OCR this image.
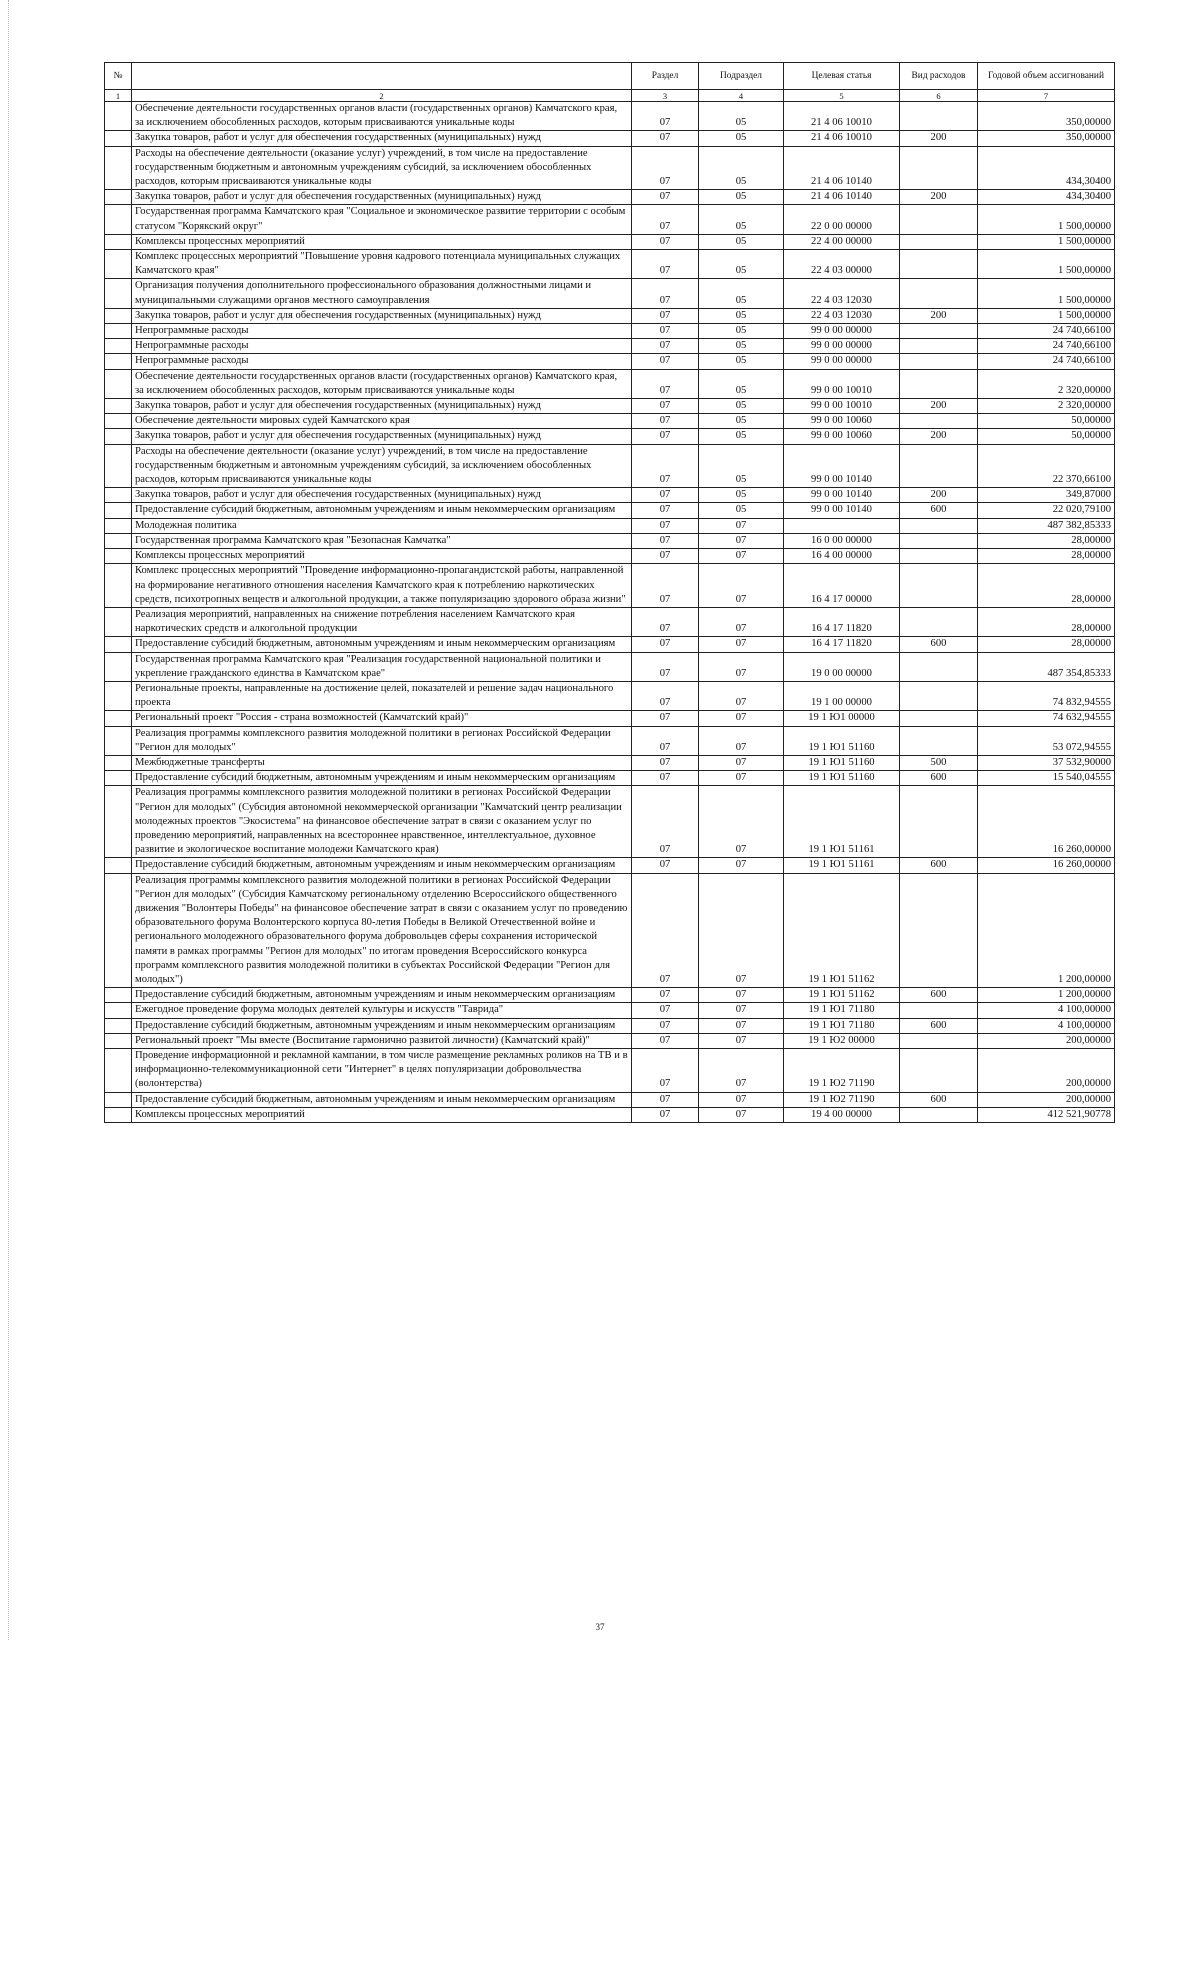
№		Раздел	Подраздел	Целевая статья	Вид расходов	Годовой объем ассигнований
1	2	3	4	5	6	7
	Обеспечение деятельности государственных органов власти (государственных органов) Камчатского края, за исключением обособленных расходов, которым присваиваются уникальные коды	07	05	21 4 06 10010		350,00000
	Закупка товаров, работ и услуг для обеспечения государственных (муниципальных) нужд	07	05	21 4 06 10010	200	350,00000
	Расходы на обеспечение деятельности (оказание услуг) учреждений, в том числе на предоставление государственным бюджетным и автономным учреждениям субсидий, за исключением обособленных расходов, которым присваиваются уникальные коды	07	05	21 4 06 10140		434,30400
	Закупка товаров, работ и услуг для обеспечения государственных (муниципальных) нужд	07	05	21 4 06 10140	200	434,30400
	Государственная программа Камчатского края "Социальное и экономическое развитие территории с особым статусом "Корякский округ"	07	05	22 0 00 00000		1 500,00000
	Комплексы процессных мероприятий	07	05	22 4 00 00000		1 500,00000
	Комплекс процессных мероприятий "Повышение уровня кадрового потенциала муниципальных служащих Камчатского края"	07	05	22 4 03 00000		1 500,00000
	Организация получения дополнительного профессионального образования должностными лицами и муниципальными служащими органов местного самоуправления	07	05	22 4 03 12030		1 500,00000
	Закупка товаров, работ и услуг для обеспечения государственных (муниципальных) нужд	07	05	22 4 03 12030	200	1 500,00000
	Непрограммные расходы	07	05	99 0 00 00000		24 740,66100
	Непрограммные расходы	07	05	99 0 00 00000		24 740,66100
	Непрограммные расходы	07	05	99 0 00 00000		24 740,66100
	Обеспечение деятельности государственных органов власти (государственных органов) Камчатского края, за исключением обособленных расходов, которым присваиваются уникальные коды	07	05	99 0 00 10010		2 320,00000
	Закупка товаров, работ и услуг для обеспечения государственных (муниципальных) нужд	07	05	99 0 00 10010	200	2 320,00000
	Обеспечение деятельности мировых судей Камчатского края	07	05	99 0 00 10060		50,00000
	Закупка товаров, работ и услуг для обеспечения государственных (муниципальных) нужд	07	05	99 0 00 10060	200	50,00000
	Расходы на обеспечение деятельности (оказание услуг) учреждений, в том числе на предоставление государственным бюджетным и автономным учреждениям субсидий, за исключением обособленных расходов, которым присваиваются уникальные коды	07	05	99 0 00 10140		22 370,66100
	Закупка товаров, работ и услуг для обеспечения государственных (муниципальных) нужд	07	05	99 0 00 10140	200	349,87000
	Предоставление субсидий бюджетным, автономным учреждениям и иным некоммерческим организациям	07	05	99 0 00 10140	600	22 020,79100
	Молодежная политика	07	07			487 382,85333
	Государственная программа Камчатского края "Безопасная Камчатка"	07	07	16 0 00 00000		28,00000
	Комплексы процессных мероприятий	07	07	16 4 00 00000		28,00000
	Комплекс процессных мероприятий "Проведение информационно-пропагандистской работы, направленной на формирование негативного отношения населения Камчатского края к потреблению наркотических средств, психотропных веществ и алкогольной продукции, а также популяризацию здорового образа жизни"	07	07	16 4 17 00000		28,00000
	Реализация мероприятий, направленных на снижение потребления населением Камчатского края наркотических средств и алкогольной продукции	07	07	16 4 17 11820		28,00000
	Предоставление субсидий бюджетным, автономным учреждениям и иным некоммерческим организациям	07	07	16 4 17 11820	600	28,00000
	Государственная программа Камчатского края "Реализация государственной национальной политики и укрепление гражданского единства в Камчатском крае"	07	07	19 0 00 00000		487 354,85333
	Региональные проекты, направленные на достижение целей, показателей и решение задач национального проекта	07	07	19 1 00 00000		74 832,94555
	Региональный проект "Россия - страна возможностей (Камчатский край)"	07	07	19 1 Ю1 00000		74 632,94555
	Реализация программы комплексного развития молодежной политики в регионах Российской Федерации "Регион для молодых"	07	07	19 1 Ю1 51160		53 072,94555
	Межбюджетные трансферты	07	07	19 1 Ю1 51160	500	37 532,90000
	Предоставление субсидий бюджетным, автономным учреждениям и иным некоммерческим организациям	07	07	19 1 Ю1 51160	600	15 540,04555
	Реализация программы комплексного развития молодежной политики в регионах Российской Федерации "Регион для молодых" (Субсидия автономной некоммерческой организации "Камчатский центр реализации молодежных проектов "Экосистема" на финансовое обеспечение затрат в связи с оказанием услуг по проведению мероприятий, направленных на всестороннее нравственное, интеллектуальное, духовное развитие и экологическое воспитание молодежи Камчатского края)	07	07	19 1 Ю1 51161		16 260,00000
	Предоставление субсидий бюджетным, автономным учреждениям и иным некоммерческим организациям	07	07	19 1 Ю1 51161	600	16 260,00000
	Реализация программы комплексного развития молодежной политики в регионах Российской Федерации "Регион для молодых" (Субсидия Камчатскому региональному отделению Всероссийского общественного движения "Волонтеры Победы" на финансовое обеспечение затрат в связи с оказанием услуг по проведению образовательного форума Волонтерского корпуса 80-летия Победы в Великой Отечественной войне и регионального молодежного образовательного форума добровольцев сферы сохранения исторической памяти в рамках программы "Регион для молодых" по итогам проведения Всероссийского конкурса программ комплексного развития молодежной политики в субъектах Российской Федерации "Регион для молодых")	07	07	19 1 Ю1 51162		1 200,00000
	Предоставление субсидий бюджетным, автономным учреждениям и иным некоммерческим организациям	07	07	19 1 Ю1 51162	600	1 200,00000
	Ежегодное проведение форума молодых деятелей культуры и искусств "Таврида"	07	07	19 1 Ю1 71180		4 100,00000
	Предоставление субсидий бюджетным, автономным учреждениям и иным некоммерческим организациям	07	07	19 1 Ю1 71180	600	4 100,00000
	Региональный проект "Мы вместе (Воспитание гармонично развитой личности) (Камчатский край)"	07	07	19 1 Ю2 00000		200,00000
	Проведение информационной и рекламной кампании, в том числе размещение рекламных роликов на ТВ и в информационно-телекоммуникационной сети "Интернет" в целях популяризации добровольчества (волонтерства)	07	07	19 1 Ю2 71190		200,00000
	Предоставление субсидий бюджетным, автономным учреждениям и иным некоммерческим организациям	07	07	19 1 Ю2 71190	600	200,00000
	Комплексы процессных мероприятий	07	07	19 4 00 00000		412 521,90778
37
